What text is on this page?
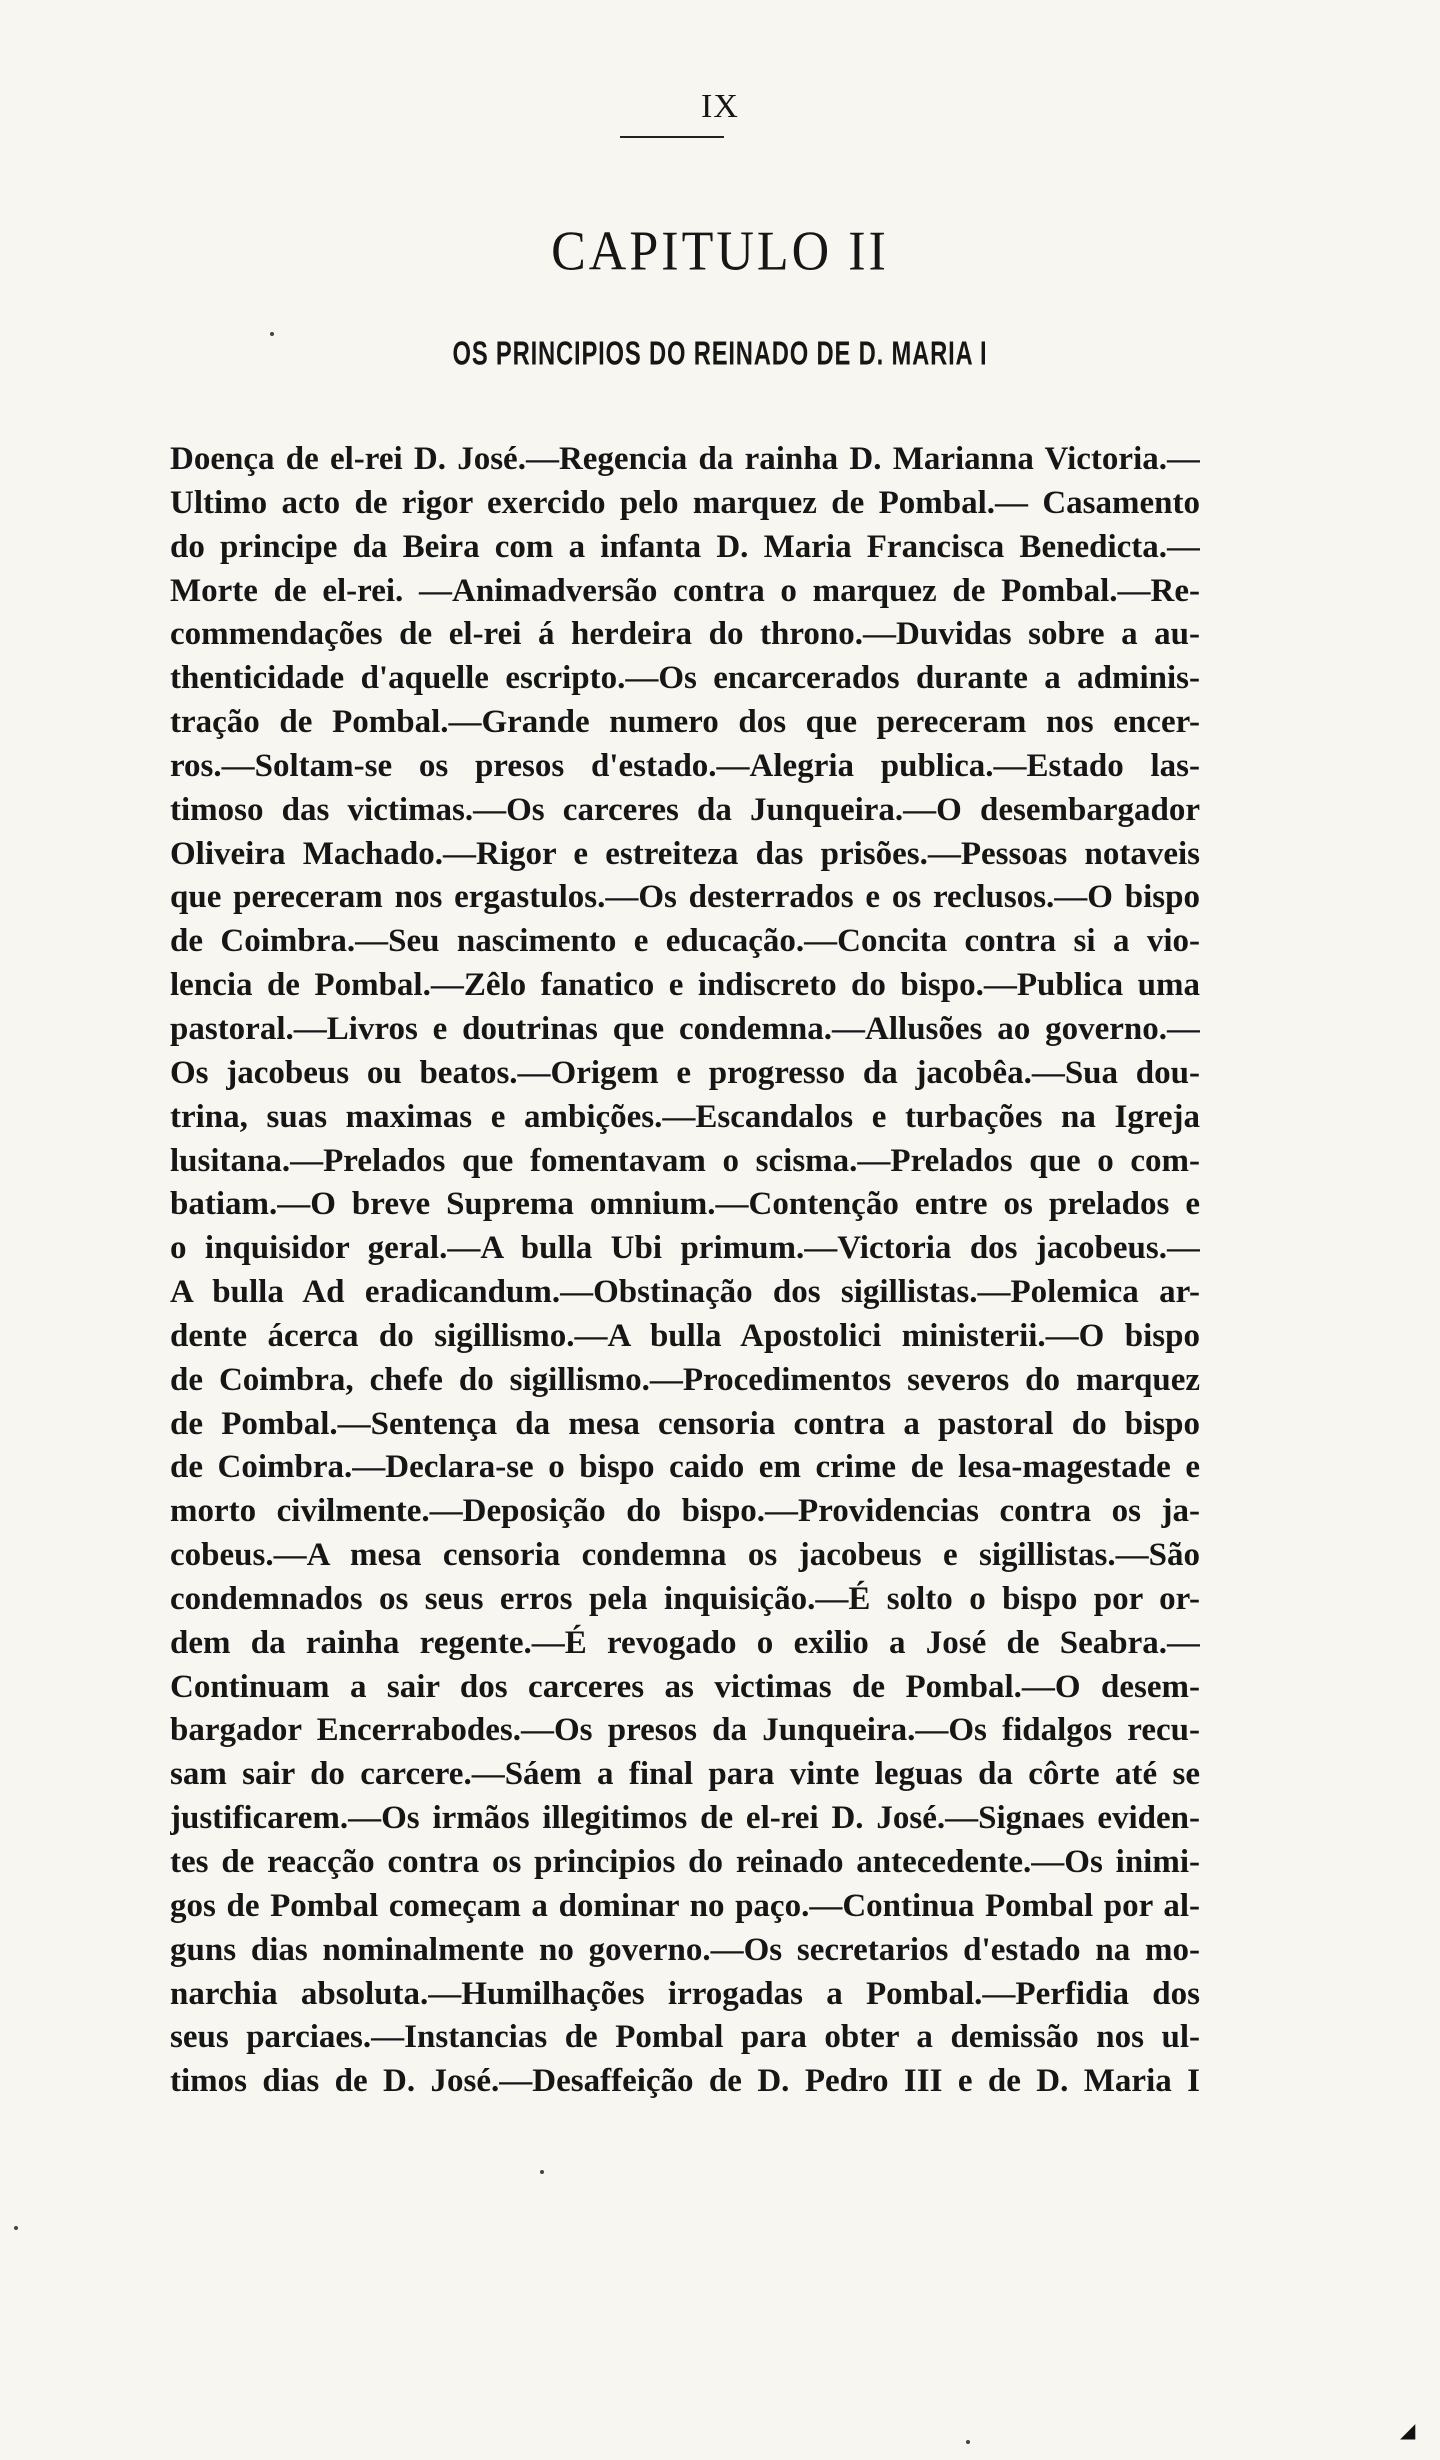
IX
CAPITULO II
OS PRINCIPIOS DO REINADO DE D. MARIA I
Doença de el-rei D. José.—Regencia da rainha D. Marianna Victoria.—
Ultimo acto de rigor exercido pelo marquez de Pombal.— Casamento
do principe da Beira com a infanta D. Maria Francisca Benedicta.—
Morte de el-rei. —Animadversão contra o marquez de Pombal.—Re-
commendações de el-rei á herdeira do throno.—Duvidas sobre a au-
thenticidade d'aquelle escripto.—Os encarcerados durante a adminis-
tração de Pombal.—Grande numero dos que pereceram nos encer-
ros.—Soltam-se os presos d'estado.—Alegria publica.—Estado las-
timoso das victimas.—Os carceres da Junqueira.—O desembargador
Oliveira Machado.—Rigor e estreiteza das prisões.—Pessoas notaveis
que pereceram nos ergastulos.—Os desterrados e os reclusos.—O bispo
de Coimbra.—Seu nascimento e educação.—Concita contra si a vio-
lencia de Pombal.—Zêlo fanatico e indiscreto do bispo.—Publica uma
pastoral.—Livros e doutrinas que condemna.—Allusões ao governo.—
Os jacobeus ou beatos.—Origem e progresso da jacobêa.—Sua dou-
trina, suas maximas e ambições.—Escandalos e turbações na Igreja
lusitana.—Prelados que fomentavam o scisma.—Prelados que o com-
batiam.—O breve Suprema omnium.—Contenção entre os prelados e
o inquisidor geral.—A bulla Ubi primum.—Victoria dos jacobeus.—
A bulla Ad eradicandum.—Obstinação dos sigillistas.—Polemica ar-
dente ácerca do sigillismo.—A bulla Apostolici ministerii.—O bispo
de Coimbra, chefe do sigillismo.—Procedimentos severos do marquez
de Pombal.—Sentença da mesa censoria contra a pastoral do bispo
de Coimbra.—Declara-se o bispo caido em crime de lesa-magestade e
morto civilmente.—Deposição do bispo.—Providencias contra os ja-
cobeus.—A mesa censoria condemna os jacobeus e sigillistas.—São
condemnados os seus erros pela inquisição.—É solto o bispo por or-
dem da rainha regente.—É revogado o exilio a José de Seabra.—
Continuam a sair dos carceres as victimas de Pombal.—O desem-
bargador Encerrabodes.—Os presos da Junqueira.—Os fidalgos recu-
sam sair do carcere.—Sáem a final para vinte leguas da côrte até se
justificarem.—Os irmãos illegitimos de el-rei D. José.—Signaes eviden-
tes de reacção contra os principios do reinado antecedente.—Os inimi-
gos de Pombal começam a dominar no paço.—Continua Pombal por al-
guns dias nominalmente no governo.—Os secretarios d'estado na mo-
narchia absoluta.—Humilhações irrogadas a Pombal.—Perfidia dos
seus parciaes.—Instancias de Pombal para obter a demissão nos ul-
timos dias de D. José.—Desaffeição de D. Pedro III e de D. Maria I
◢
